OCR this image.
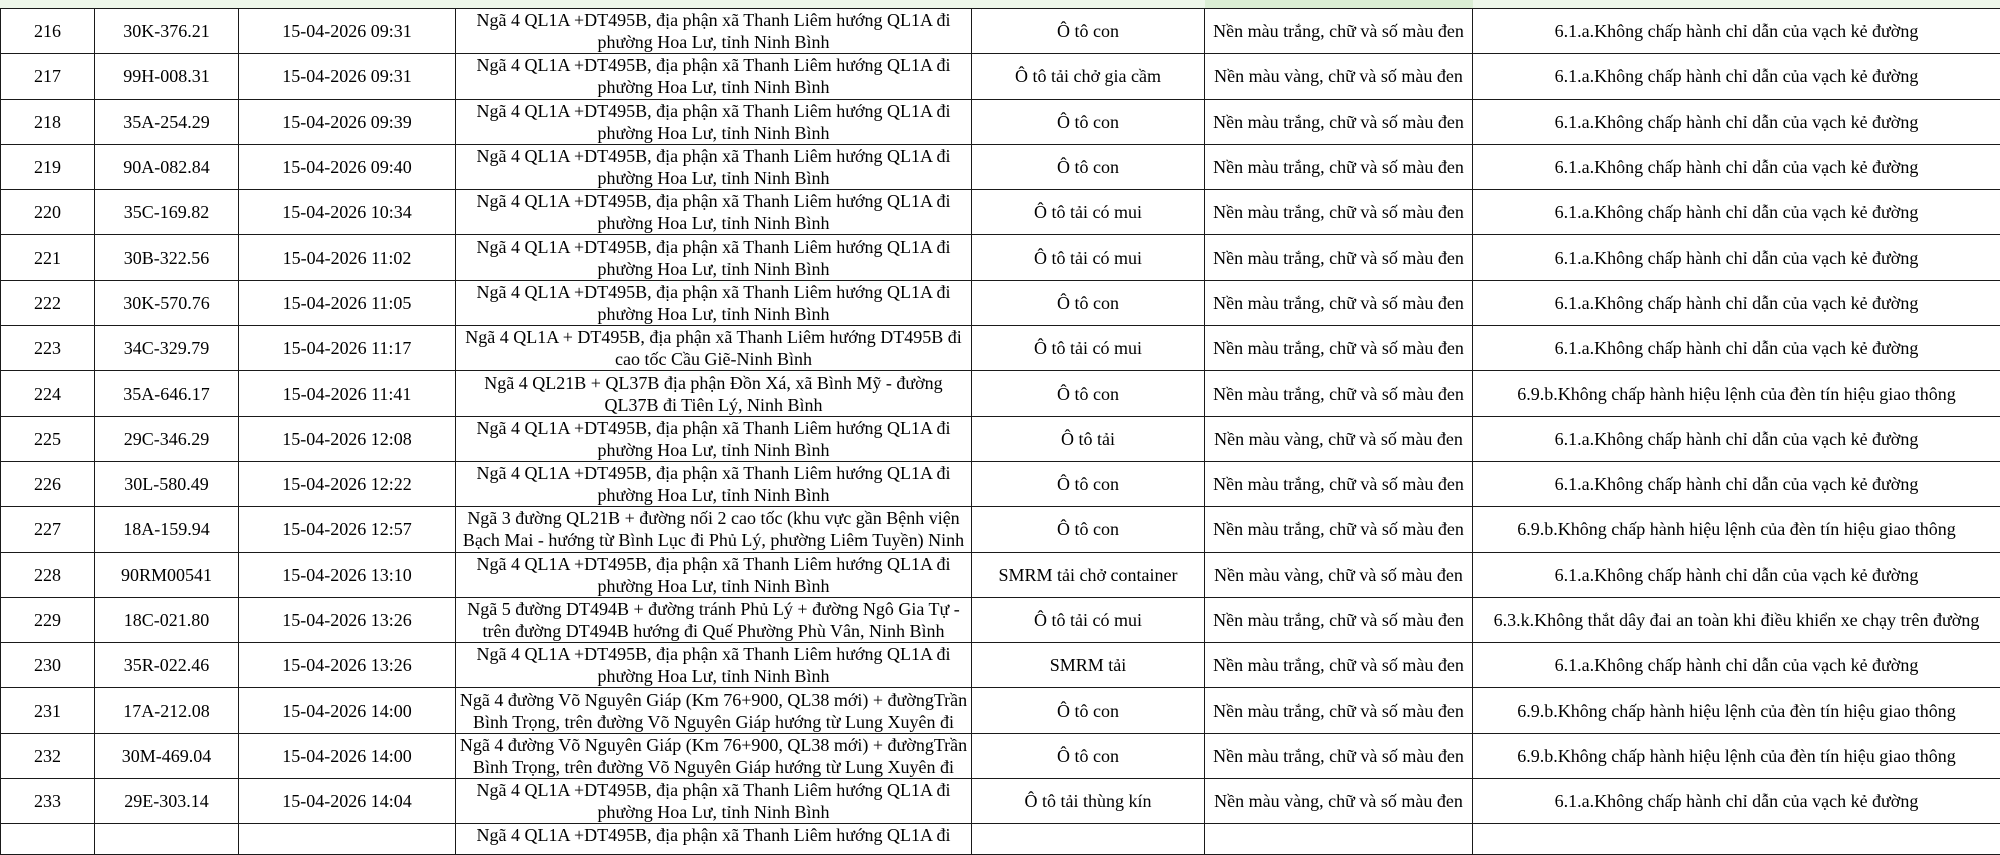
216	30K-376.21	15-04-2026 09:31	Ngã 4 QL1A +DT495B, địa phận xã Thanh Liêm hướng QL1A đi
phường Hoa Lư, tỉnh Ninh Bình	Ô tô con	Nền màu trắng, chữ và số màu đen	6.1.a.Không chấp hành chỉ dẫn của vạch kẻ đường
217	99H-008.31	15-04-2026 09:31	Ngã 4 QL1A +DT495B, địa phận xã Thanh Liêm hướng QL1A đi
phường Hoa Lư, tỉnh Ninh Bình	Ô tô tải chở gia cầm	Nền màu vàng, chữ và số màu đen	6.1.a.Không chấp hành chỉ dẫn của vạch kẻ đường
218	35A-254.29	15-04-2026 09:39	Ngã 4 QL1A +DT495B, địa phận xã Thanh Liêm hướng QL1A đi
phường Hoa Lư, tỉnh Ninh Bình	Ô tô con	Nền màu trắng, chữ và số màu đen	6.1.a.Không chấp hành chỉ dẫn của vạch kẻ đường
219	90A-082.84	15-04-2026 09:40	Ngã 4 QL1A +DT495B, địa phận xã Thanh Liêm hướng QL1A đi
phường Hoa Lư, tỉnh Ninh Bình	Ô tô con	Nền màu trắng, chữ và số màu đen	6.1.a.Không chấp hành chỉ dẫn của vạch kẻ đường
220	35C-169.82	15-04-2026 10:34	Ngã 4 QL1A +DT495B, địa phận xã Thanh Liêm hướng QL1A đi
phường Hoa Lư, tỉnh Ninh Bình	Ô tô tải có mui	Nền màu trắng, chữ và số màu đen	6.1.a.Không chấp hành chỉ dẫn của vạch kẻ đường
221	30B-322.56	15-04-2026 11:02	Ngã 4 QL1A +DT495B, địa phận xã Thanh Liêm hướng QL1A đi
phường Hoa Lư, tỉnh Ninh Bình	Ô tô tải có mui	Nền màu trắng, chữ và số màu đen	6.1.a.Không chấp hành chỉ dẫn của vạch kẻ đường
222	30K-570.76	15-04-2026 11:05	Ngã 4 QL1A +DT495B, địa phận xã Thanh Liêm hướng QL1A đi
phường Hoa Lư, tỉnh Ninh Bình	Ô tô con	Nền màu trắng, chữ và số màu đen	6.1.a.Không chấp hành chỉ dẫn của vạch kẻ đường
223	34C-329.79	15-04-2026 11:17	Ngã 4 QL1A + DT495B, địa phận xã Thanh Liêm hướng DT495B đi
cao tốc Cầu Giẽ-Ninh Bình	Ô tô tải có mui	Nền màu trắng, chữ và số màu đen	6.1.a.Không chấp hành chỉ dẫn của vạch kẻ đường
224	35A-646.17	15-04-2026 11:41	Ngã 4 QL21B + QL37B địa phận Đồn Xá, xã Bình Mỹ - đường
QL37B đi Tiên Lý, Ninh Bình	Ô tô con	Nền màu trắng, chữ và số màu đen	6.9.b.Không chấp hành hiệu lệnh của đèn tín hiệu giao thông
225	29C-346.29	15-04-2026 12:08	Ngã 4 QL1A +DT495B, địa phận xã Thanh Liêm hướng QL1A đi
phường Hoa Lư, tỉnh Ninh Bình	Ô tô tải	Nền màu vàng, chữ và số màu đen	6.1.a.Không chấp hành chỉ dẫn của vạch kẻ đường
226	30L-580.49	15-04-2026 12:22	Ngã 4 QL1A +DT495B, địa phận xã Thanh Liêm hướng QL1A đi
phường Hoa Lư, tỉnh Ninh Bình	Ô tô con	Nền màu trắng, chữ và số màu đen	6.1.a.Không chấp hành chỉ dẫn của vạch kẻ đường
227	18A-159.94	15-04-2026 12:57	Ngã 3 đường QL21B + đường nối 2 cao tốc (khu vực gần Bệnh viện
Bạch Mai - hướng từ Bình Lục đi Phủ Lý, phường Liêm Tuyền) Ninh	Ô tô con	Nền màu trắng, chữ và số màu đen	6.9.b.Không chấp hành hiệu lệnh của đèn tín hiệu giao thông
228	90RM00541	15-04-2026 13:10	Ngã 4 QL1A +DT495B, địa phận xã Thanh Liêm hướng QL1A đi
phường Hoa Lư, tỉnh Ninh Bình	SMRM tải chở container	Nền màu vàng, chữ và số màu đen	6.1.a.Không chấp hành chỉ dẫn của vạch kẻ đường
229	18C-021.80	15-04-2026 13:26	Ngã 5 đường DT494B + đường tránh Phủ Lý + đường Ngô Gia Tự -
trên đường DT494B hướng đi Quế Phường Phù Vân, Ninh Bình	Ô tô tải có mui	Nền màu trắng, chữ và số màu đen	6.3.k.Không thắt dây đai an toàn khi điều khiển xe chạy trên đường
230	35R-022.46	15-04-2026 13:26	Ngã 4 QL1A +DT495B, địa phận xã Thanh Liêm hướng QL1A đi
phường Hoa Lư, tỉnh Ninh Bình	SMRM tải	Nền màu trắng, chữ và số màu đen	6.1.a.Không chấp hành chỉ dẫn của vạch kẻ đường
231	17A-212.08	15-04-2026 14:00	Ngã 4 đường Võ Nguyên Giáp (Km 76+900, QL38 mới) + đườngTrần
Bình Trọng, trên đường Võ Nguyên Giáp hướng từ Lung Xuyên đi	Ô tô con	Nền màu trắng, chữ và số màu đen	6.9.b.Không chấp hành hiệu lệnh của đèn tín hiệu giao thông
232	30M-469.04	15-04-2026 14:00	Ngã 4 đường Võ Nguyên Giáp (Km 76+900, QL38 mới) + đườngTrần
Bình Trọng, trên đường Võ Nguyên Giáp hướng từ Lung Xuyên đi	Ô tô con	Nền màu trắng, chữ và số màu đen	6.9.b.Không chấp hành hiệu lệnh của đèn tín hiệu giao thông
233	29E-303.14	15-04-2026 14:04	Ngã 4 QL1A +DT495B, địa phận xã Thanh Liêm hướng QL1A đi
phường Hoa Lư, tỉnh Ninh Bình	Ô tô tải thùng kín	Nền màu vàng, chữ và số màu đen	6.1.a.Không chấp hành chỉ dẫn của vạch kẻ đường

			Ngã 4 QL1A +DT495B, địa phận xã Thanh Liêm hướng QL1A đi			
